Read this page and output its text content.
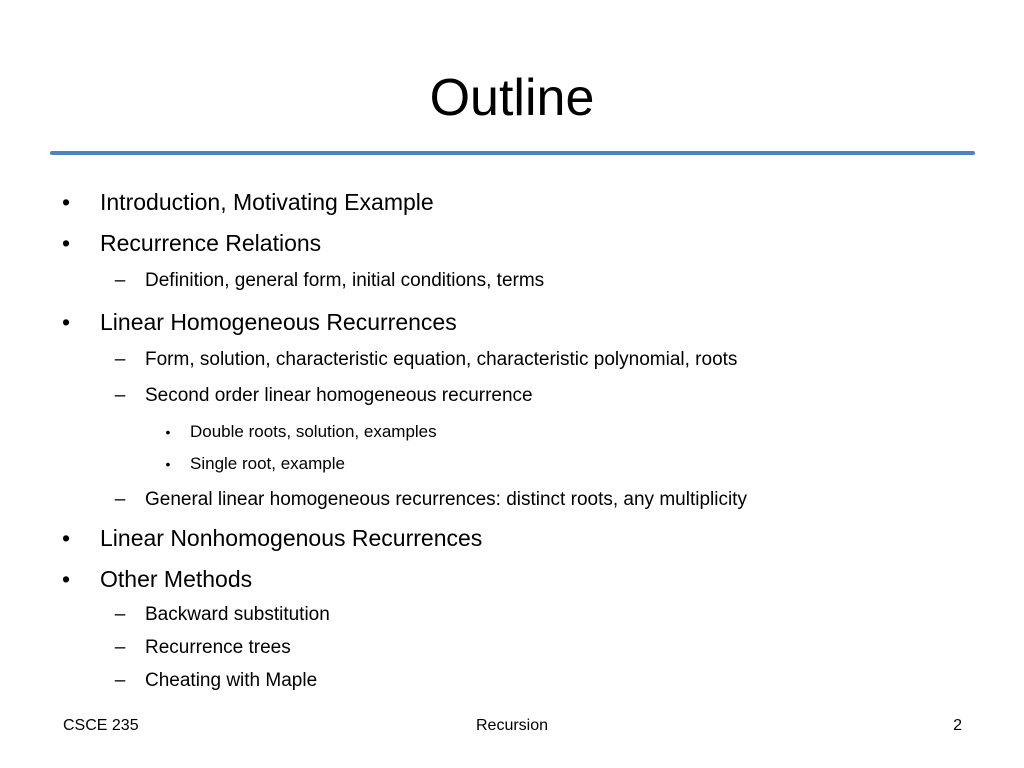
Outline
• Introduction, Motivating Example
• Recurrence Relations
–	Definition, general form, initial conditions, terms
• Linear Homogeneous Recurrences
–	Form, solution, characteristic equation, characteristic polynomial, roots
–	Second order linear homogeneous recurrence
•	Double roots, solution, examples
•	Single root, example
–	General linear homogeneous recurrences: distinct roots, any multiplicity
• Linear Nonhomogenous Recurrences
• Other Methods
–	Backward substitution
–	Recurrence trees
–	Cheating with Maple
CSCE 235	Recursion	2
